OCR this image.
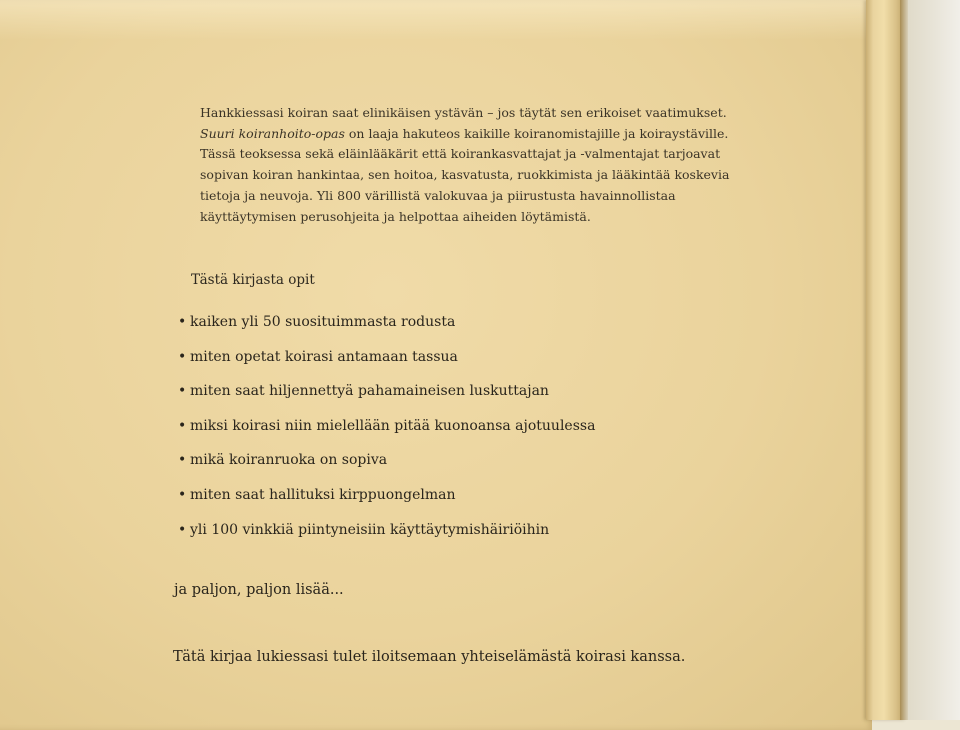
Hankkiessasi koiran saat elinikäisen ystävän – jos täytät sen erikoiset vaatimukset.
Suuri koiranhoito-opas on laaja hakuteos kaikille koiranomistajille ja koiraystäville.
Tässä teoksessa sekä eläinlääkärit että koirankasvattajat ja -valmentajat tarjoavat
sopivan koiran hankintaa, sen hoitoa, kasvatusta, ruokkimista ja lääkintää koskevia
tietoja ja neuvoja. Yli 800 värillistä valokuvaa ja piirustusta havainnollistaa
käyttäytymisen perusohjeita ja helpottaa aiheiden löytämistä.
Tästä kirjasta opit
• kaiken yli 50 suosituimmasta rodusta
• miten opetat koirasi antamaan tassua
• miten saat hiljennettyä pahamaineisen luskuttajan
• miksi koirasi niin mielellään pitää kuonoansa ajotuulessa
• mikä koiranruoka on sopiva
• miten saat hallituksi kirppuongelman
• yli 100 vinkkiä piintyneisiin käyttäytymishäiriöihin
ja paljon, paljon lisää...
Tätä kirjaa lukiessasi tulet iloitsemaan yhteiselämästä koirasi kanssa.
